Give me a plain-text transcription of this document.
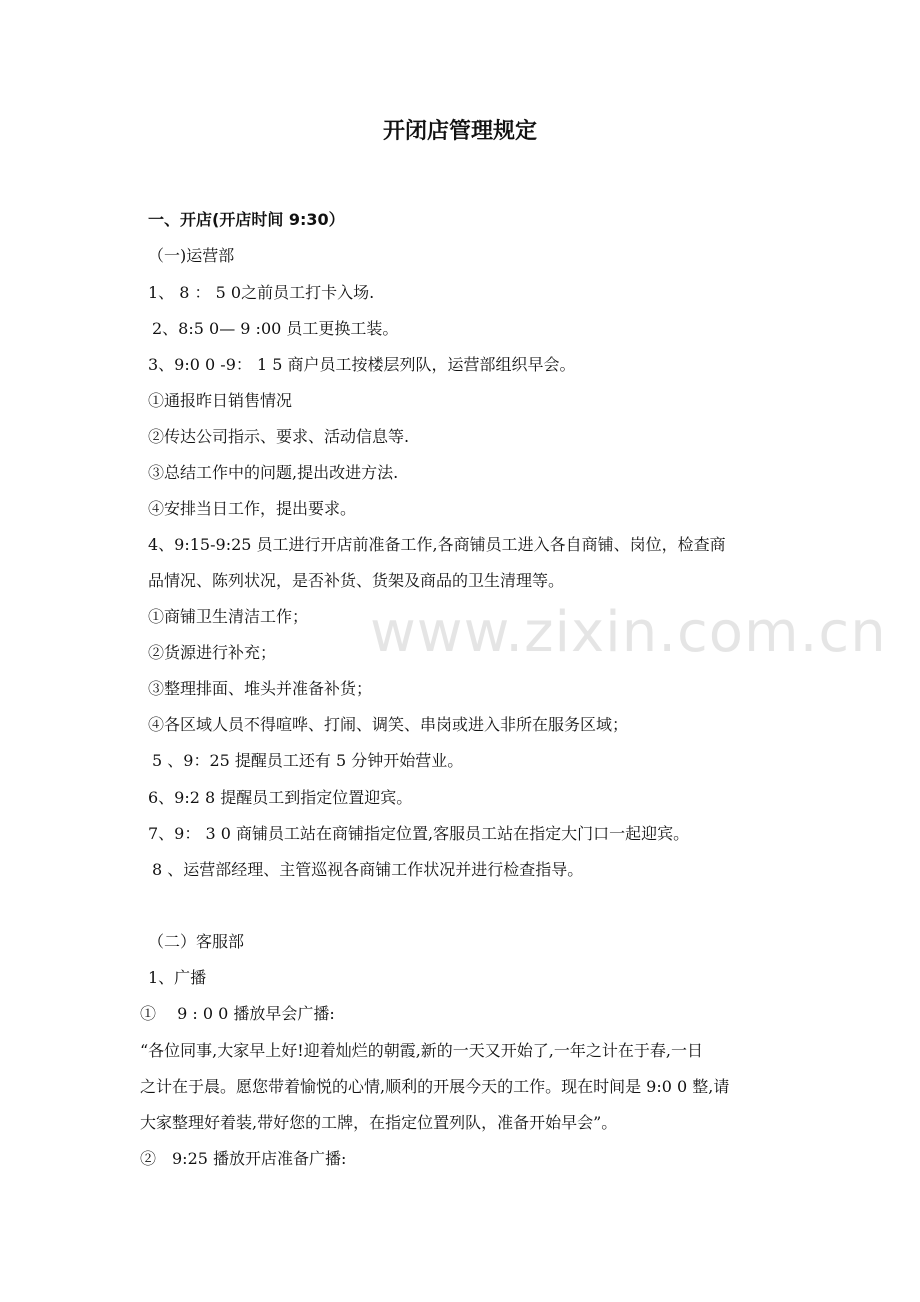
www.zixin.com.cn
开闭店管理规定
一、开店(开店时间 9:30）
（一)运营部
1、 8 ： 5 0之前员工打卡入场.
2、8:5 0— 9 :00 员工更换工装。
3、9:0 0 -9： 1 5 商户员工按楼层列队，运营部组织早会。
①通报昨日销售情况
②传达公司指示、要求、活动信息等.
③总结工作中的问题,提出改进方法.
④安排当日工作，提出要求。
4、9:15-9:25 员工进行开店前准备工作,各商铺员工进入各自商铺、岗位，检查商
品情况、陈列状况，是否补货、货架及商品的卫生清理等。
①商铺卫生清洁工作；
②货源进行补充；
③整理排面、堆头并准备补货；
④各区域人员不得喧哗、打闹、调笑、串岗或进入非所在服务区域；
5 、9：25 提醒员工还有 5 分钟开始营业。
6、9:2 8 提醒员工到指定位置迎宾。
7、9： 3 0 商铺员工站在商铺指定位置,客服员工站在指定大门口一起迎宾。
8 、运营部经理、主管巡视各商铺工作状况并进行检查指导。
（二）客服部
1、广播
①　 9 : 0 0 播放早会广播:
“各位同事,大家早上好!迎着灿烂的朝霞,新的一天又开始了,一年之计在于春,一日
之计在于晨。愿您带着愉悦的心情,顺利的开展今天的工作。现在时间是 9:0 0 整,请
大家整理好着装,带好您的工牌，在指定位置列队，准备开始早会”。
②　9:25 播放开店准备广播:
